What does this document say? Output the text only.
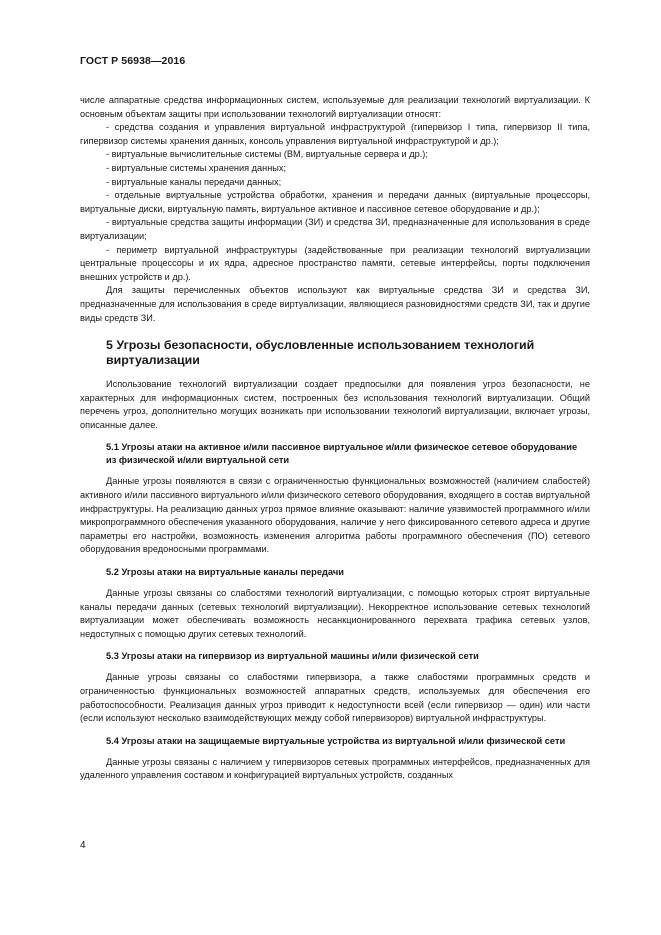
ГОСТ Р 56938—2016

числе аппаратные средства информационных систем, используемые для реализации технологий виртуализации. К основным объектам защиты при использовании технологий виртуализации относят:

- средства создания и управления виртуальной инфраструктурой (гипервизор I типа, гипервизор II типа, гипервизор системы хранения данных, консоль управления виртуальной инфраструктурой и др.);

- виртуальные вычислительные системы (ВМ, виртуальные сервера и др.);

- виртуальные системы хранения данных;

- виртуальные каналы передачи данных;

- отдельные виртуальные устройства обработки, хранения и передачи данных (виртуальные процессоры, виртуальные диски, виртуальную память, виртуальное активное и пассивное сетевое оборудование и др.);

- виртуальные средства защиты информации (ЗИ) и средства ЗИ, предназначенные для использования в среде виртуализации;

- периметр виртуальной инфраструктуры (задействованные при реализации технологий виртуализации центральные процессоры и их ядра, адресное пространство памяти, сетевые интерфейсы, порты подключения внешних устройств и др.).

Для защиты перечисленных объектов используют как виртуальные средства ЗИ и средства ЗИ, предназначенные для использования в среде виртуализации, являющиеся разновидностями средств ЗИ, так и другие виды средств ЗИ.

5 Угрозы безопасности, обусловленные использованием технологий виртуализации

Использование технологий виртуализации создает предпосылки для появления угроз безопасности, не характерных для информационных систем, построенных без использования технологий виртуализации. Общий перечень угроз, дополнительно могущих возникать при использовании технологий виртуализации, включает угрозы, описанные далее.

5.1 Угрозы атаки на активное и/или пассивное виртуальное и/или физическое сетевое оборудование из физической и/или виртуальной сети

Данные угрозы появляются в связи с ограниченностью функциональных возможностей (наличием слабостей) активного и/или пассивного виртуального и/или физического сетевого оборудования, входящего в состав виртуальной инфраструктуры. На реализацию данных угроз прямое влияние оказывают: наличие уязвимостей программного и/или микропрограммного обеспечения указанного оборудования, наличие у него фиксированного сетевого адреса и другие параметры его настройки, возможность изменения алгоритма работы программного обеспечения (ПО) сетевого оборудования вредоносными программами.

5.2 Угрозы атаки на виртуальные каналы передачи

Данные угрозы связаны со слабостями технологий виртуализации, с помощью которых строят виртуальные каналы передачи данных (сетевых технологий виртуализации). Некорректное использование сетевых технологий виртуализации может обеспечивать возможность несанкционированного перехвата трафика сетевых узлов, недоступных с помощью других сетевых технологий.

5.3 Угрозы атаки на гипервизор из виртуальной машины и/или физической сети

Данные угрозы связаны со слабостями гипервизора, а также слабостями программных средств и ограниченностью функциональных возможностей аппаратных средств, используемых для обеспечения его работоспособности. Реализация данных угроз приводит к недоступности всей (если гипервизор — один) или части (если используют несколько взаимодействующих между собой гипервизоров) виртуальной инфраструктуры.

5.4 Угрозы атаки на защищаемые виртуальные устройства из виртуальной и/или физической сети

Данные угрозы связаны с наличием у гипервизоров сетевых программных интерфейсов, предназначенных для удаленного управления составом и конфигурацией виртуальных устройств, созданных

4
